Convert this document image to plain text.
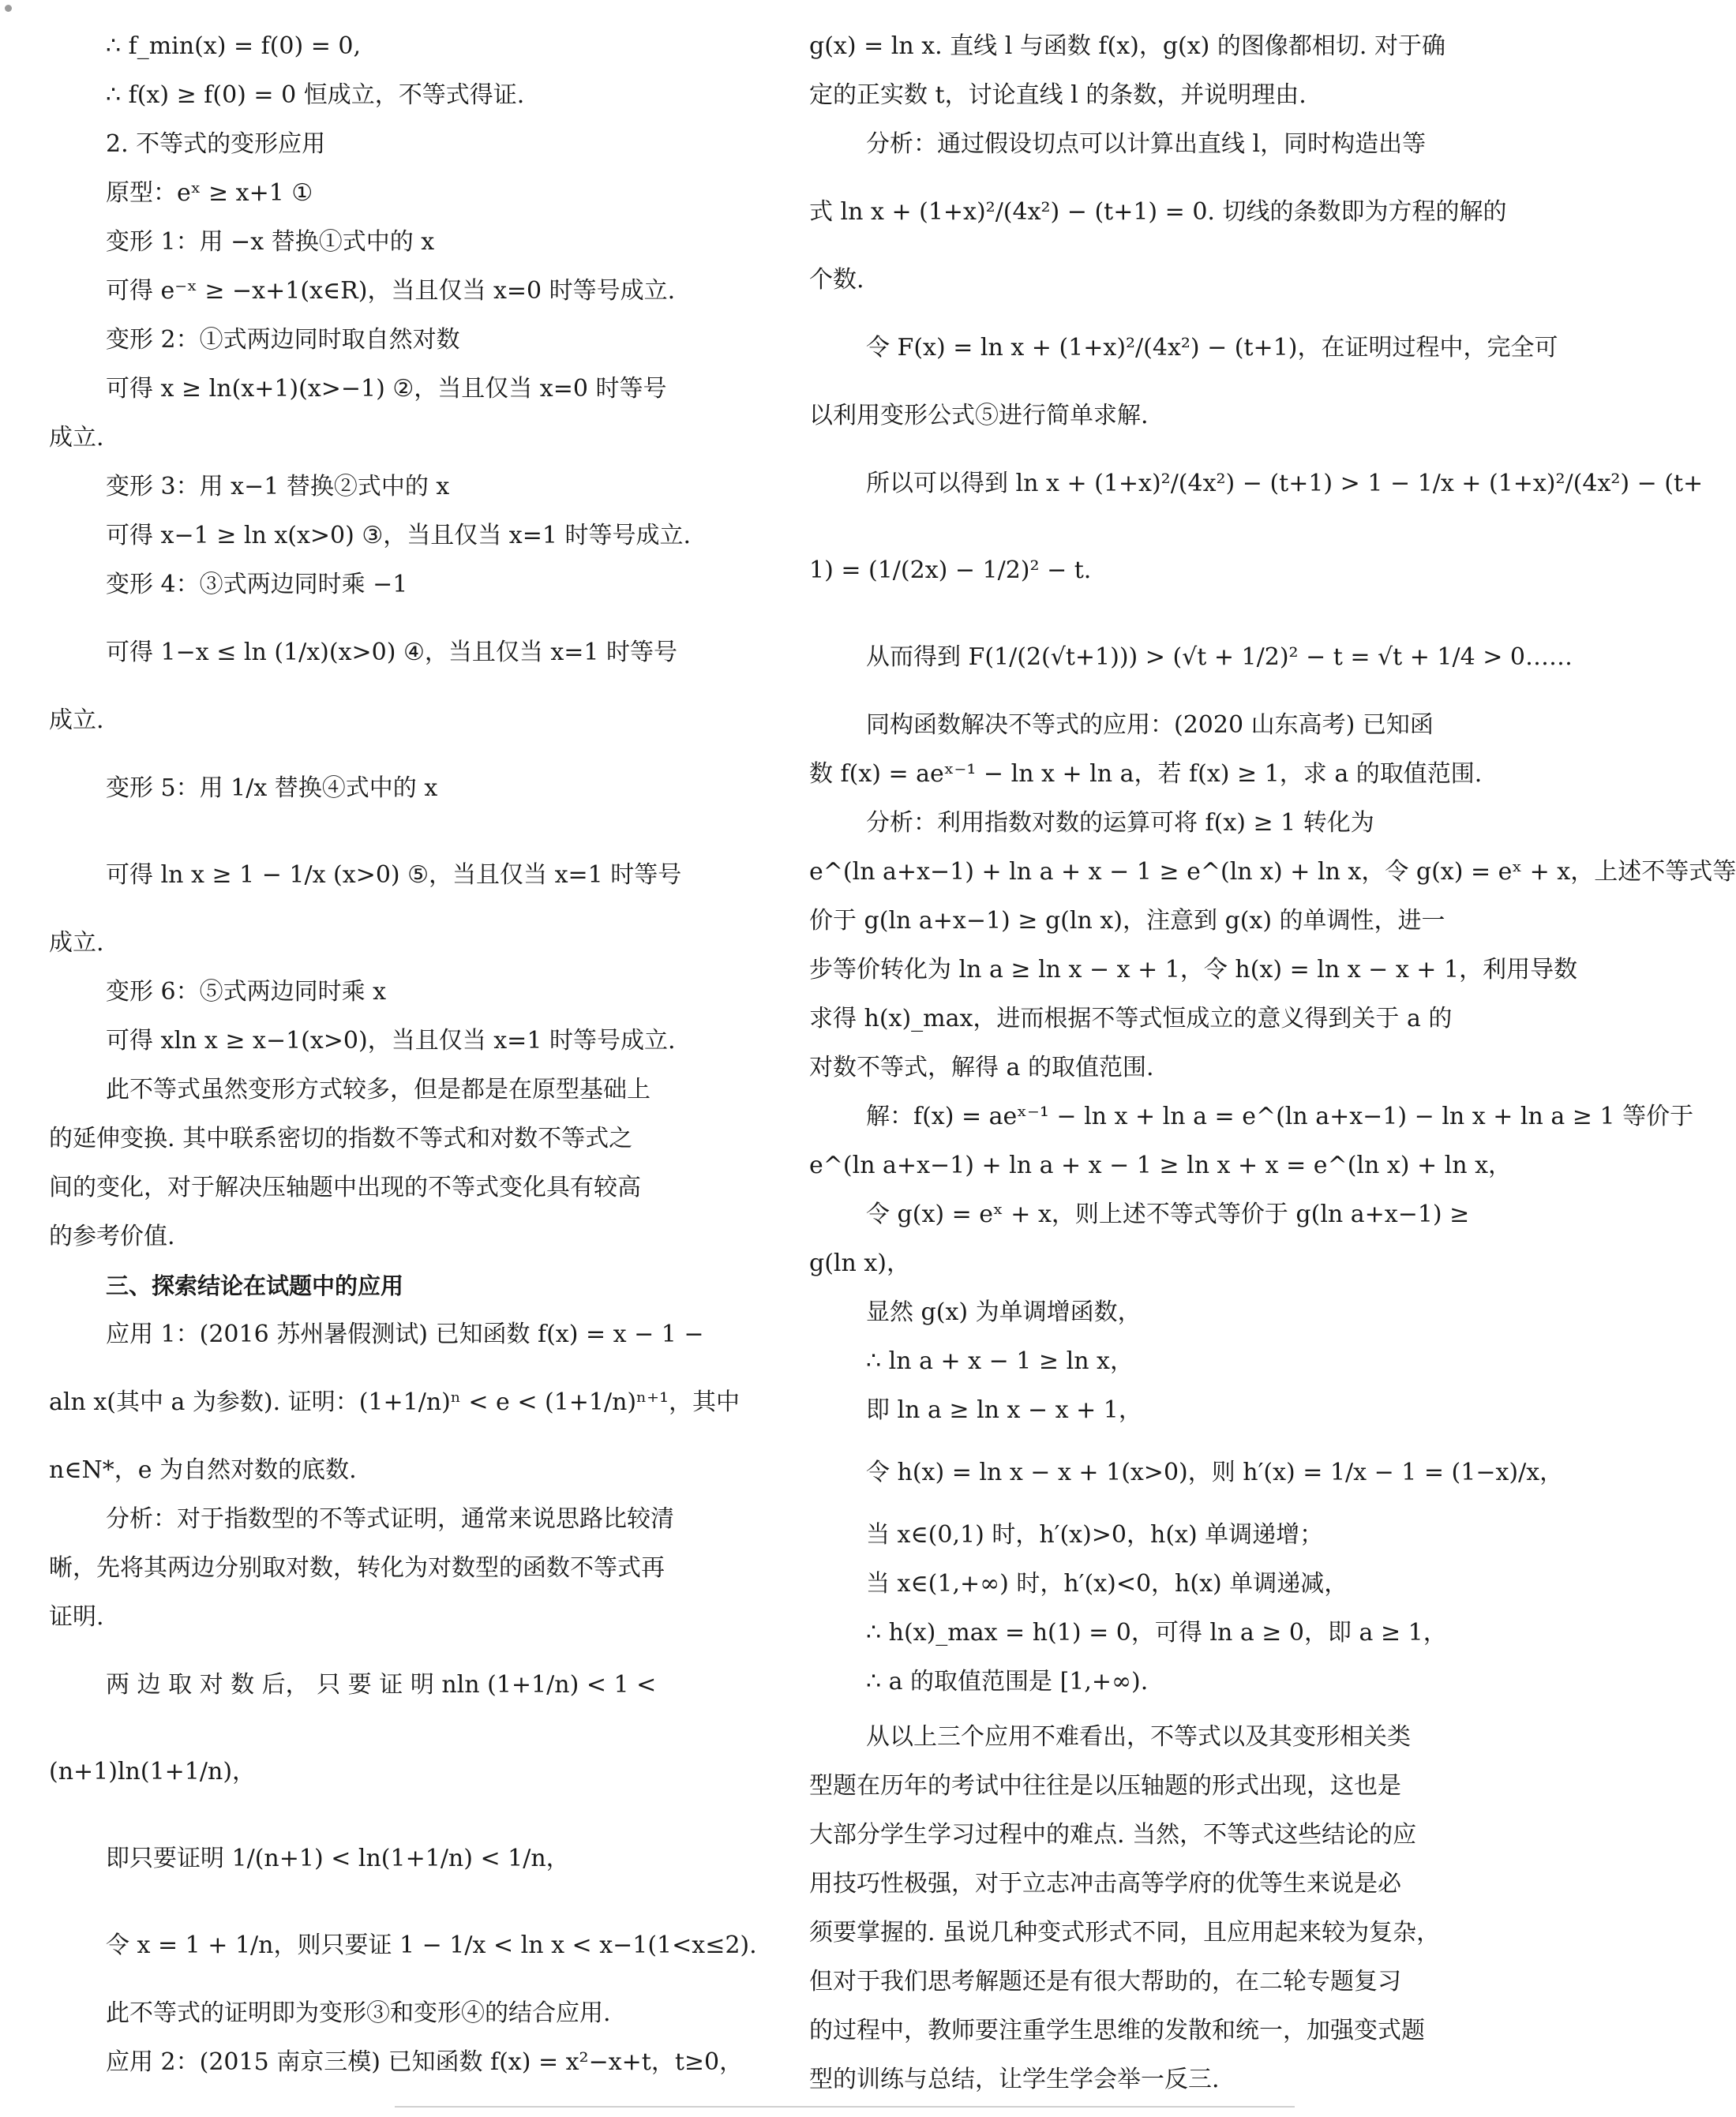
∴ f_min(x) = f(0) = 0,
∴ f(x) ≥ f(0) = 0 恒成立，不等式得证.
2. 不等式的变形应用
原型：eˣ ≥ x+1 ①
变形 1：用 −x 替换①式中的 x
可得 e⁻ˣ ≥ −x+1(x∈R)，当且仅当 x=0 时等号成立.
变形 2：①式两边同时取自然对数
可得 x ≥ ln(x+1)(x>−1) ②，当且仅当 x=0 时等号
成立.
变形 3：用 x−1 替换②式中的 x
可得 x−1 ≥ ln x(x>0) ③，当且仅当 x=1 时等号成立.
变形 4：③式两边同时乘 −1
可得 1−x ≤ ln (1/x)(x>0) ④，当且仅当 x=1 时等号
成立.
变形 5：用 1/x 替换④式中的 x
可得 ln x ≥ 1 − 1/x (x>0) ⑤，当且仅当 x=1 时等号
成立.
变形 6：⑤式两边同时乘 x
可得 xln x ≥ x−1(x>0)，当且仅当 x=1 时等号成立.
此不等式虽然变形方式较多，但是都是在原型基础上
的延伸变换. 其中联系密切的指数不等式和对数不等式之
间的变化，对于解决压轴题中出现的不等式变化具有较高
的参考价值.
三、探索结论在试题中的应用
应用 1：(2016 苏州暑假测试) 已知函数 f(x) = x − 1 −
aln x(其中 a 为参数). 证明：(1+1/n)ⁿ < e < (1+1/n)ⁿ⁺¹，其中
n∈N*，e 为自然对数的底数.
分析：对于指数型的不等式证明，通常来说思路比较清
晰，先将其两边分别取对数，转化为对数型的函数不等式再
证明.
两 边 取 对 数 后， 只 要 证 明 nln (1+1/n) < 1 <
(n+1)ln(1+1/n)，
即只要证明 1/(n+1) < ln(1+1/n) < 1/n，
令 x = 1 + 1/n，则只要证 1 − 1/x < ln x < x−1(1<x≤2).
此不等式的证明即为变形③和变形④的结合应用.
应用 2：(2015 南京三模) 已知函数 f(x) = x²−x+t，t≥0，
g(x) = ln x. 直线 l 与函数 f(x)，g(x) 的图像都相切. 对于确
定的正实数 t，讨论直线 l 的条数，并说明理由.
分析：通过假设切点可以计算出直线 l，同时构造出等
式 ln x + (1+x)²/(4x²) − (t+1) = 0. 切线的条数即为方程的解的
个数.
令 F(x) = ln x + (1+x)²/(4x²) − (t+1)，在证明过程中，完全可
以利用变形公式⑤进行简单求解.
所以可以得到 ln x + (1+x)²/(4x²) − (t+1) > 1 − 1/x + (1+x)²/(4x²) − (t+
1) = (1/(2x) − 1/2)² − t.
从而得到 F(1/(2(√t+1))) > (√t + 1/2)² − t = √t + 1/4 > 0……
同构函数解决不等式的应用：(2020 山东高考) 已知函
数 f(x) = aeˣ⁻¹ − ln x + ln a，若 f(x) ≥ 1，求 a 的取值范围.
分析：利用指数对数的运算可将 f(x) ≥ 1 转化为
e^(ln a+x−1) + ln a + x − 1 ≥ e^(ln x) + ln x，令 g(x) = eˣ + x，上述不等式等
价于 g(ln a+x−1) ≥ g(ln x)，注意到 g(x) 的单调性，进一
步等价转化为 ln a ≥ ln x − x + 1，令 h(x) = ln x − x + 1，利用导数
求得 h(x)_max，进而根据不等式恒成立的意义得到关于 a 的
对数不等式，解得 a 的取值范围.
解：f(x) = aeˣ⁻¹ − ln x + ln a = e^(ln a+x−1) − ln x + ln a ≥ 1 等价于
e^(ln a+x−1) + ln a + x − 1 ≥ ln x + x = e^(ln x) + ln x，
令 g(x) = eˣ + x，则上述不等式等价于 g(ln a+x−1) ≥
g(ln x)，
显然 g(x) 为单调增函数，
∴ ln a + x − 1 ≥ ln x，
即 ln a ≥ ln x − x + 1，
令 h(x) = ln x − x + 1(x>0)，则 h′(x) = 1/x − 1 = (1−x)/x，
当 x∈(0,1) 时，h′(x)>0，h(x) 单调递增；
当 x∈(1,+∞) 时，h′(x)<0，h(x) 单调递减，
∴ h(x)_max = h(1) = 0，可得 ln a ≥ 0，即 a ≥ 1，
∴ a 的取值范围是 [1,+∞).
从以上三个应用不难看出，不等式以及其变形相关类
型题在历年的考试中往往是以压轴题的形式出现，这也是
大部分学生学习过程中的难点. 当然，不等式这些结论的应
用技巧性极强，对于立志冲击高等学府的优等生来说是必
须要掌握的. 虽说几种变式形式不同，且应用起来较为复杂，
但对于我们思考解题还是有很大帮助的，在二轮专题复习
的过程中，教师要注重学生思维的发散和统一，加强变式题
型的训练与总结，让学生学会举一反三.
